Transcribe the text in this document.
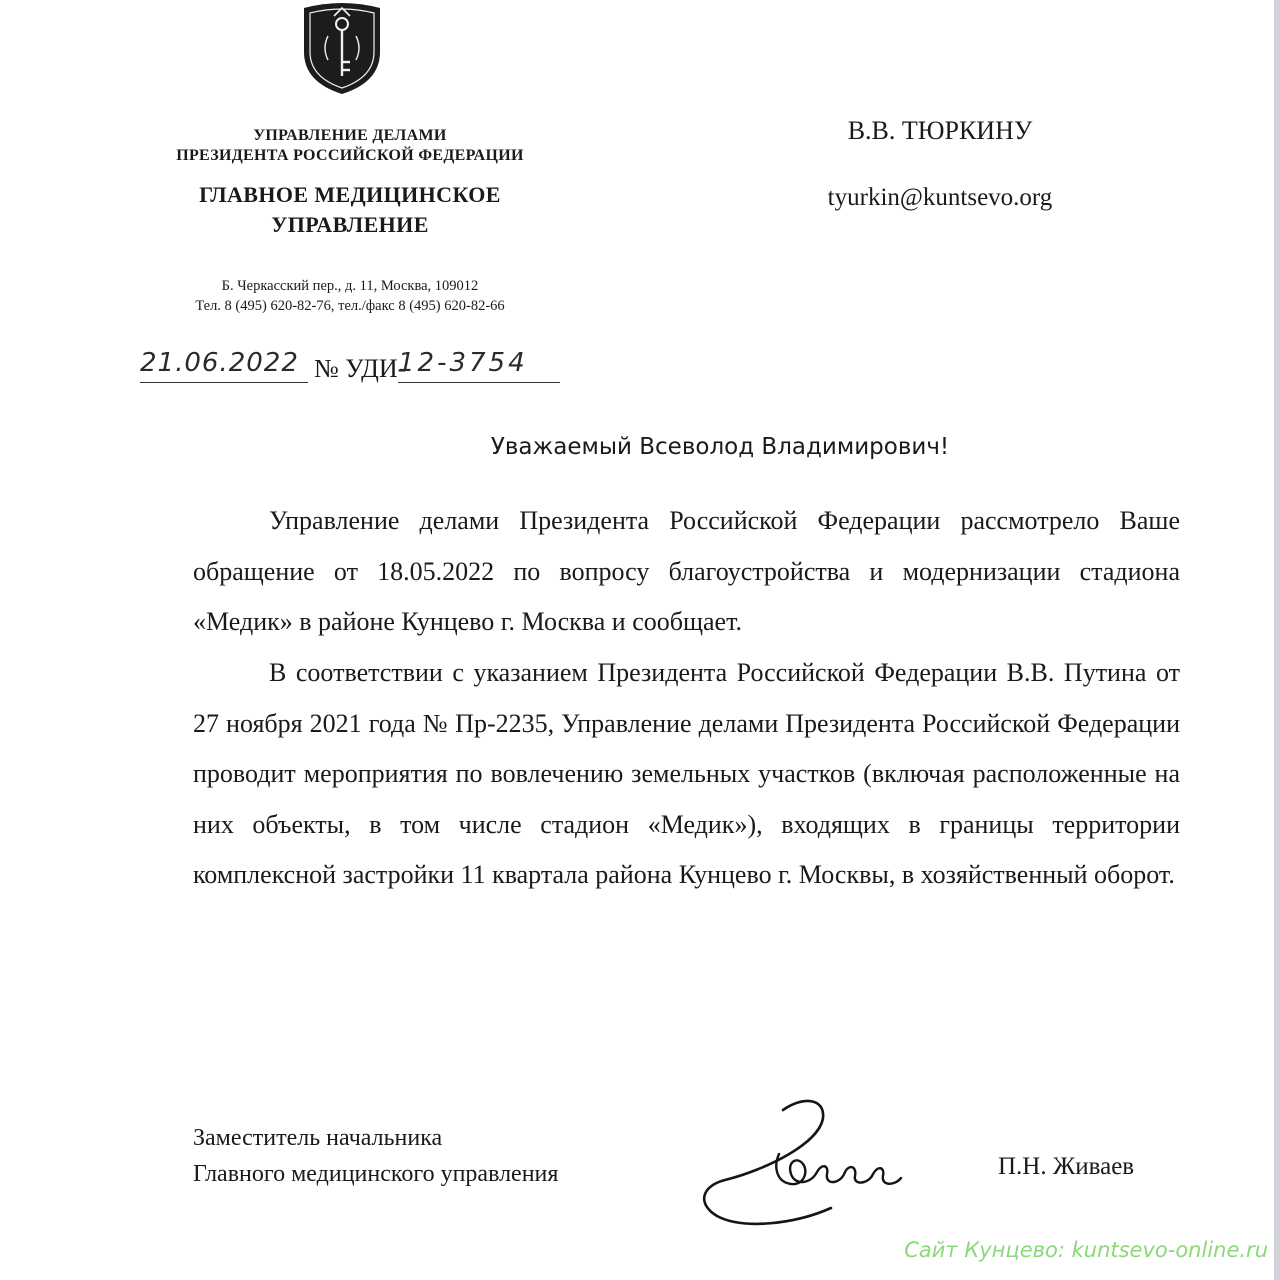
УПРАВЛЕНИЕ ДЕЛАМИ
ПРЕЗИДЕНТА РОССИЙСКОЙ ФЕДЕРАЦИИ
ГЛАВНОЕ МЕДИЦИНСКОЕ
УПРАВЛЕНИЕ
Б. Черкасский пер., д. 11, Москва, 109012
Тел. 8 (495) 620-82-76, тел./факс 8 (495) 620-82-66
В.В. ТЮРКИНУ
tyurkin@kuntsevo.org
21.06.2022 № УДИ-
12-3754
Уважаемый Всеволод Владимирович!

Управление делами Президента Российской Федерации рассмотрело Ваше обращение от 18.05.2022 по вопросу благоустройства и модернизации стадиона «Медик» в районе Кунцево г. Москва и сообщает.

В соответствии с указанием Президента Российской Федерации В.В. Путина от 27 ноября 2021 года № Пр-2235, Управление делами Президента Российской Федерации проводит мероприятия по вовлечению земельных участков (включая расположенные на них объекты, в том числе стадион «Медик»), входящих в границы территории комплексной застройки 11 квартала района Кунцево г. Москвы, в хозяйственный оборот.

Заместитель начальника
Главного медицинского управления	П.Н. Живаев
Сайт Кунцево: kuntsevo-online.ru
